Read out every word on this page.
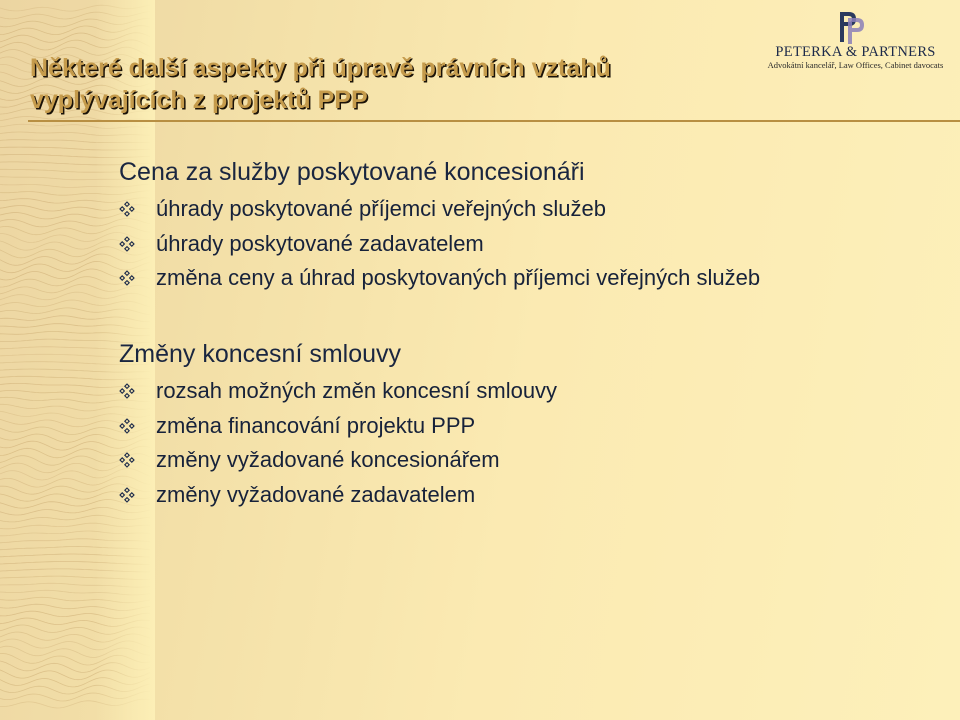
Některé další aspekty při úpravě právních vztahů
vyplývajících z projektů PPP
PETERKA & PARTNERS
Advokátní kancelář, Law Offices, Cabinet davocats
Cena za služby poskytované koncesionáři
úhrady poskytované příjemci veřejných služeb
úhrady poskytované zadavatelem
změna ceny a úhrad poskytovaných příjemci veřejných služeb
Změny koncesní smlouvy
rozsah možných změn koncesní smlouvy
změna financování projektu PPP
změny vyžadované koncesionářem
změny vyžadované zadavatelem
